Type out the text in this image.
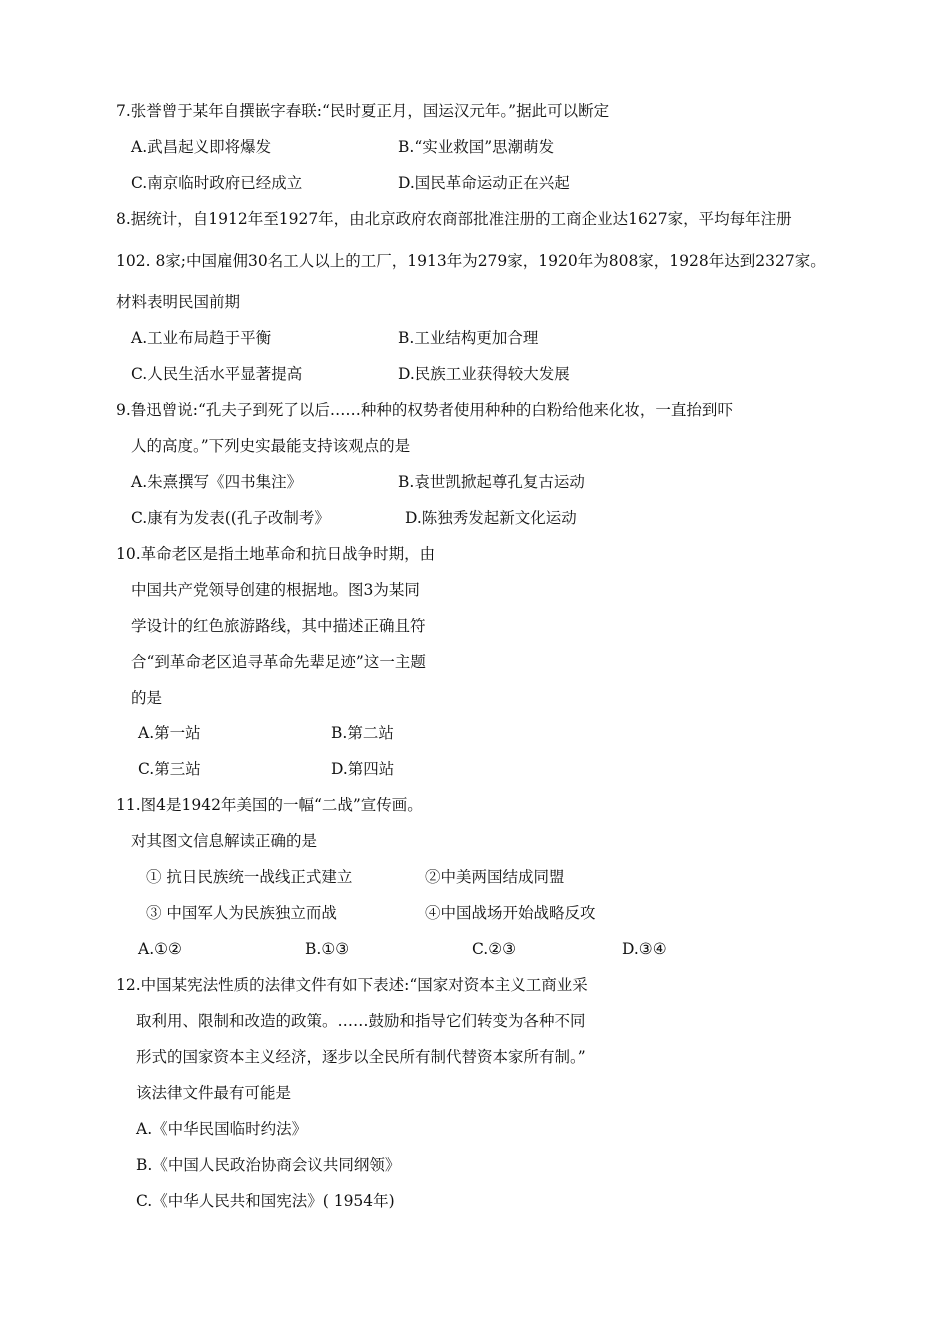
7.张誉曾于某年自撰嵌字春联:“民时夏正月，国运汉元年。”据此可以断定
A.武昌起义即将爆发	B.“实业救国”思潮萌发
C.南京临时政府已经成立	D.国民革命运动正在兴起
8.据统计，自1912年至1927年，由北京政府农商部批准注册的工商企业达1627家，平均每年注册
102. 8家;中国雇佣30名工人以上的工厂，1913年为279家，1920年为808家，1928年达到2327家。
材料表明民国前期
A.工业布局趋于平衡	B.工业结构更加合理
C.人民生活水平显著提高	D.民族工业获得较大发展
9.鲁迅曾说:“孔夫子到死了以后……种种的权势者使用种种的白粉给他来化妆，一直抬到吓
人的高度。”下列史实最能支持该观点的是
A.朱熹撰写《四书集注》	B.袁世凯掀起尊孔复古运动
C.康有为发表((孔子改制考》	D.陈独秀发起新文化运动
10.革命老区是指土地革命和抗日战争时期，由
中国共产党领导创建的根据地。图3为某同
学设计的红色旅游路线，其中描述正确且符
合“到革命老区追寻革命先辈足迹”这一主题
的是
A.第一站	B.第二站
C.第三站	D.第四站
11.图4是1942年美国的一幅“二战”宣传画。
对其图文信息解读正确的是
① 抗日民族统一战线正式建立	②中美两国结成同盟
③ 中国军人为民族独立而战	④中国战场开始战略反攻
A.①②	B.①③	C.②③	D.③④
12.中国某宪法性质的法律文件有如下表述:“国家对资本主义工商业采
取利用、限制和改造的政策。……鼓励和指导它们转变为各种不同
形式的国家资本主义经济，逐步以全民所有制代替资本家所有制。”
该法律文件最有可能是
A.《中华民国临时约法》
B.《中国人民政治协商会议共同纲领》
C.《中华人民共和国宪法》( 1954年)
